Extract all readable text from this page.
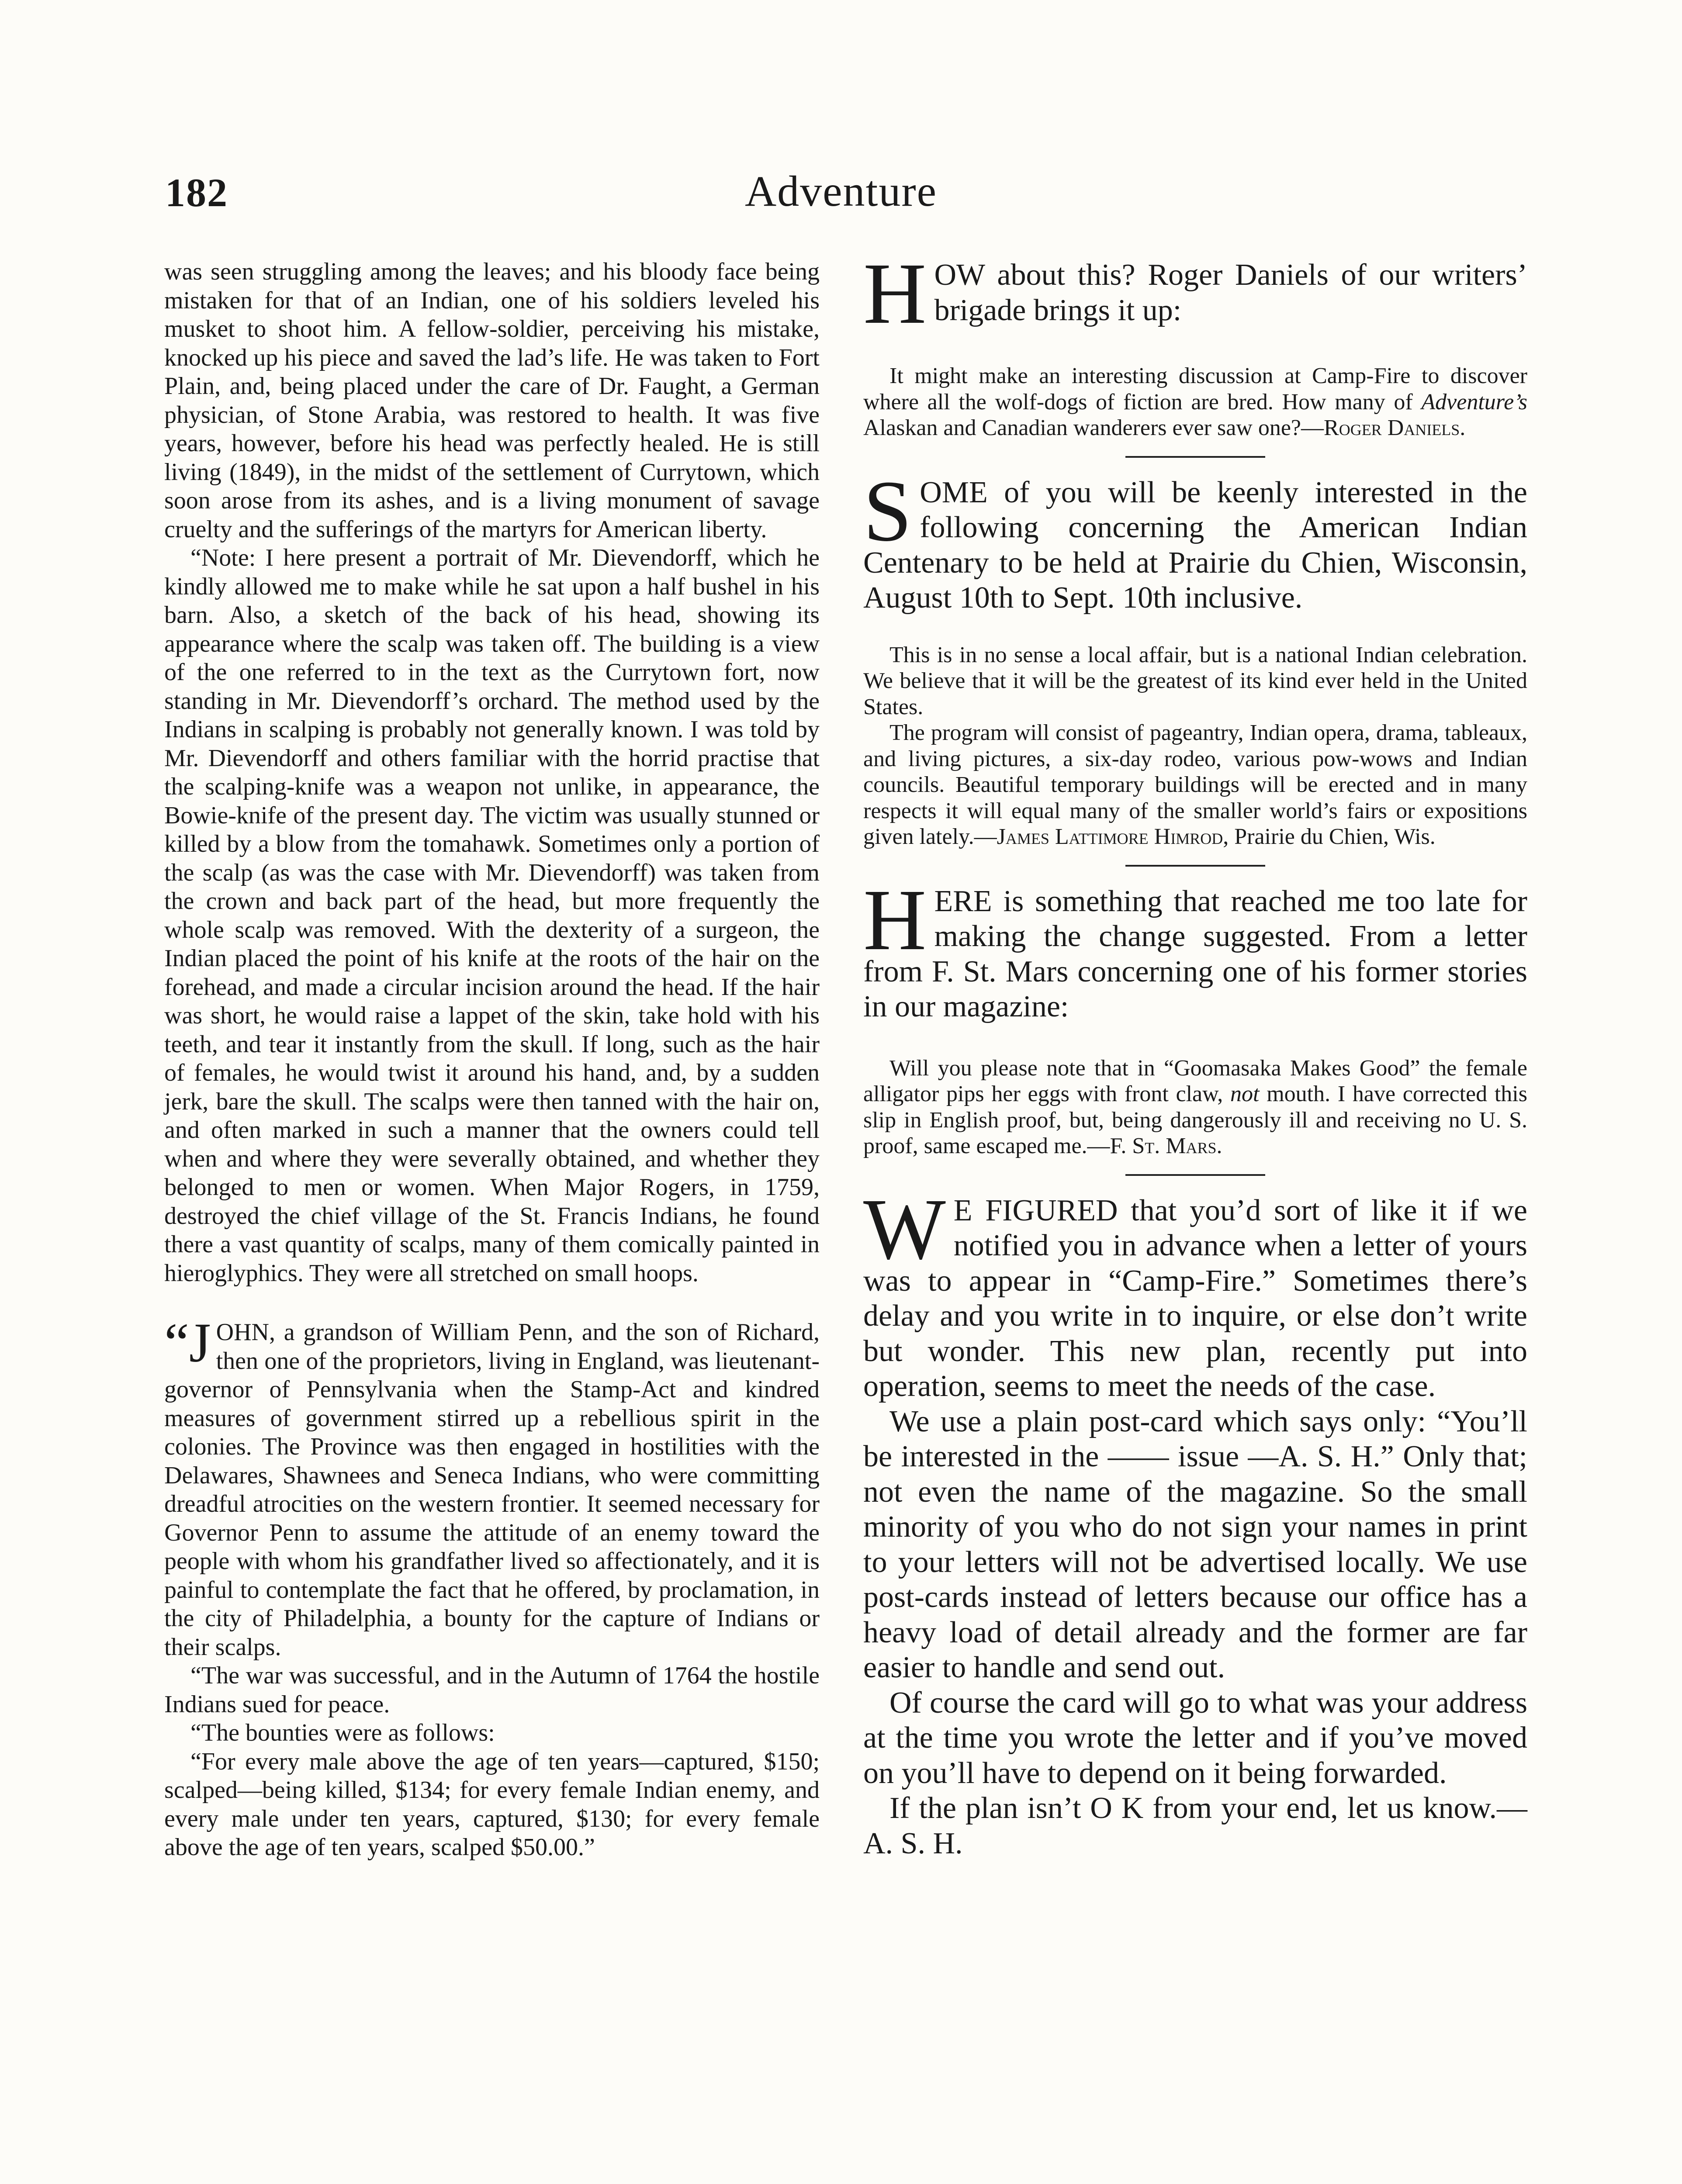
182	Adventure

was seen struggling among the leaves; and his bloody face being mistaken for that of an Indian, one of his soldiers leveled his musket to shoot him. A fellow-soldier, perceiving his mistake, knocked up his piece and saved the lad’s life. He was taken to Fort Plain, and, being placed under the care of Dr. Faught, a German physician, of Stone Arabia, was restored to health. It was five years, however, before his head was perfectly healed. He is still living (1849), in the midst of the settlement of Currytown, which soon arose from its ashes, and is a living monument of savage cruelty and the sufferings of the martyrs for American liberty.

“Note: I here present a portrait of Mr. Dievendorff, which he kindly allowed me to make while he sat upon a half bushel in his barn. Also, a sketch of the back of his head, showing its appearance where the scalp was taken off. The building is a view of the one referred to in the text as the Currytown fort, now standing in Mr. Dievendorff’s orchard. The method used by the Indians in scalping is probably not generally known. I was told by Mr. Dievendorff and others familiar with the horrid practise that the scalping-knife was a weapon not unlike, in appearance, the Bowie-knife of the present day. The victim was usually stunned or killed by a blow from the tomahawk. Sometimes only a portion of the scalp (as was the case with Mr. Dievendorff) was taken from the crown and back part of the head, but more frequently the whole scalp was removed. With the dexterity of a surgeon, the Indian placed the point of his knife at the roots of the hair on the forehead, and made a circular incision around the head. If the hair was short, he would raise a lappet of the skin, take hold with his teeth, and tear it instantly from the skull. If long, such as the hair of females, he would twist it around his hand, and, by a sudden jerk, bare the skull. The scalps were then tanned with the hair on, and often marked in such a manner that the owners could tell when and where they were severally obtained, and whether they belonged to men or women. When Major Rogers, in 1759, destroyed the chief village of the St. Francis Indians, he found there a vast quantity of scalps, many of them comically painted in hieroglyphics. They were all stretched on small hoops.

“JOHN, a grandson of William Penn, and the son of Richard, then one of the proprietors, living in England, was lieutenant-governor of Pennsylvania when the Stamp-Act and kindred measures of government stirred up a rebellious spirit in the colonies. The Province was then engaged in hostilities with the Delawares, Shawnees and Seneca Indians, who were committing dreadful atrocities on the western frontier. It seemed necessary for Governor Penn to assume the attitude of an enemy toward the people with whom his grandfather lived so affectionately, and it is painful to contemplate the fact that he offered, by proclamation, in the city of Philadelphia, a bounty for the capture of Indians or their scalps.

“The war was successful, and in the Autumn of 1764 the hostile Indians sued for peace.

“The bounties were as follows:

“For every male above the age of ten years—captured, $150; scalped—being killed, $134; for every female Indian enemy, and every male under ten years, captured, $130; for every female above the age of ten years, scalped $50.00.”

HOW about this? Roger Daniels of our writers’ brigade brings it up:

It might make an interesting discussion at Camp-Fire to discover where all the wolf-dogs of fiction are bred. How many of Adventure’s Alaskan and Canadian wanderers ever saw one?—Roger Daniels.

SOME of you will be keenly interested in the following concerning the American Indian Centenary to be held at Prairie du Chien, Wisconsin, August 10th to Sept. 10th inclusive.

This is in no sense a local affair, but is a national Indian celebration. We believe that it will be the greatest of its kind ever held in the United States.

The program will consist of pageantry, Indian opera, drama, tableaux, and living pictures, a six-day rodeo, various pow-wows and Indian councils. Beautiful temporary buildings will be erected and in many respects it will equal many of the smaller world’s fairs or expositions given lately.—James Lattimore Himrod, Prairie du Chien, Wis.

HERE is something that reached me too late for making the change suggested. From a letter from F. St. Mars concerning one of his former stories in our magazine:

Will you please note that in “Goomasaka Makes Good” the female alligator pips her eggs with front claw, not mouth. I have corrected this slip in English proof, but, being dangerously ill and receiving no U. S. proof, same escaped me.—F. St. Mars.

W E FIGURED that you’d sort of like it if we notified you in advance when a letter of yours was to appear in “Camp-Fire.” Sometimes there’s delay and you write in to inquire, or else don’t write but wonder. This new plan, recently put into operation, seems to meet the needs of the case.

We use a plain post-card which says only: “You’ll be interested in the —— issue —A. S. H.” Only that; not even the name of the magazine. So the small minority of you who do not sign your names in print to your letters will not be advertised locally. We use post-cards instead of letters because our office has a heavy load of detail already and the former are far easier to handle and send out.

Of course the card will go to what was your address at the time you wrote the letter and if you’ve moved on you’ll have to depend on it being forwarded.

If the plan isn’t O K from your end, let us know.—A. S. H.
